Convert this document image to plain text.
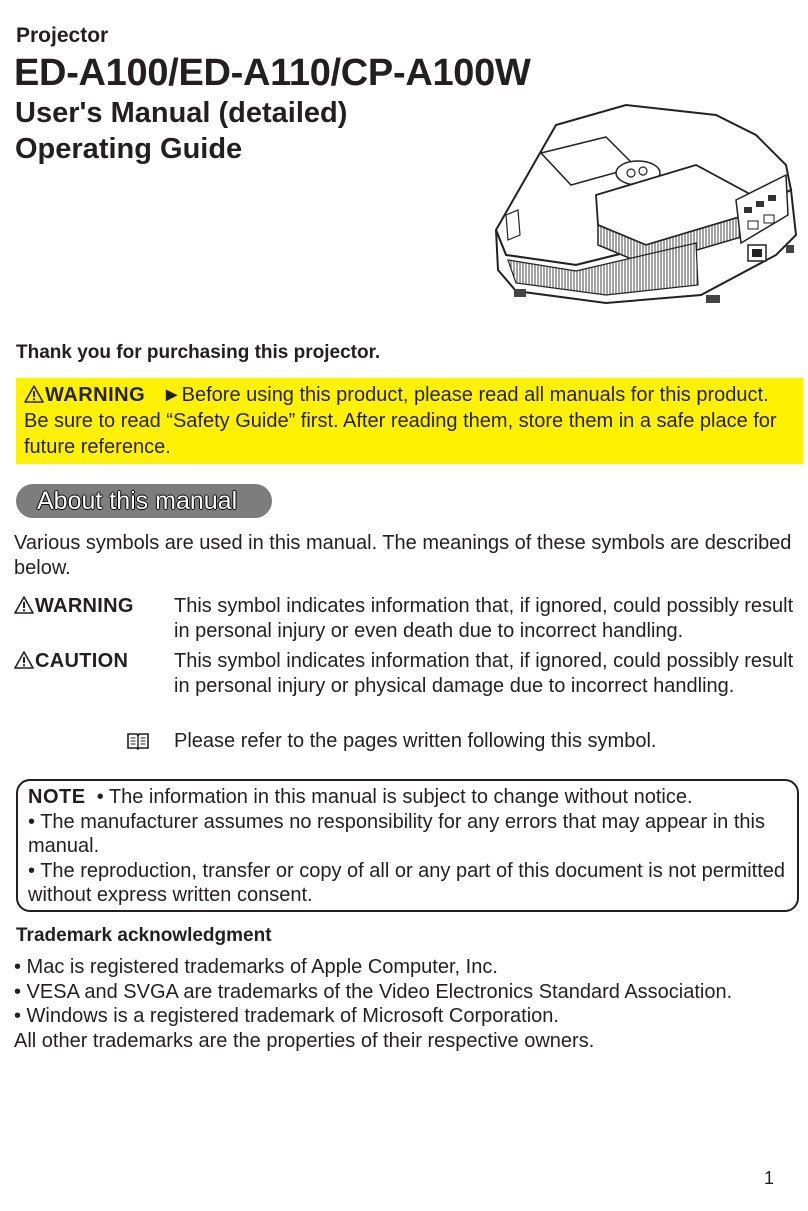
Projector
ED-A100/ED-A110/CP-A100W
User's Manual (detailed)
Operating Guide
Thank you for purchasing this projector.
WARNING ►Before using this product, please read all manuals for this product. Be sure to read “Safety Guide” first. After reading them, store them in a safe place for future reference.
About this manual
Various symbols are used in this manual. The meanings of these symbols are described below.
WARNING This symbol indicates information that, if ignored, could possibly result in personal injury or even death due to incorrect handling.
CAUTION This symbol indicates information that, if ignored, could possibly result in personal injury or physical damage due to incorrect handling.
Please refer to the pages written following this symbol.
NOTE • The information in this manual is subject to change without notice.
• The manufacturer assumes no responsibility for any errors that may appear in this manual.
• The reproduction, transfer or copy of all or any part of this document is not permitted without express written consent.
Trademark acknowledgment
• Mac is registered trademarks of Apple Computer, Inc.
• VESA and SVGA are trademarks of the Video Electronics Standard Association.
• Windows is a registered trademark of Microsoft Corporation.
All other trademarks are the properties of their respective owners.
1
